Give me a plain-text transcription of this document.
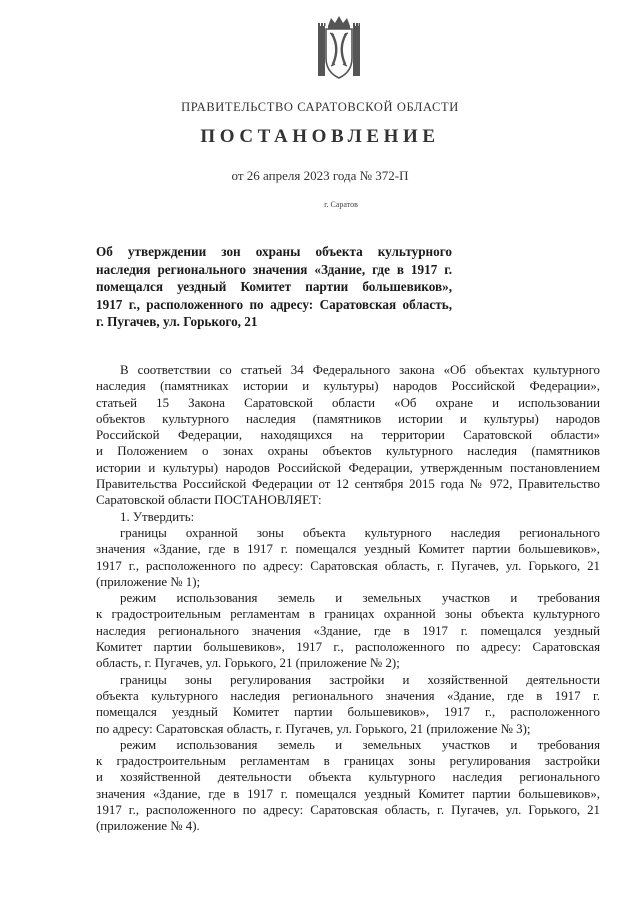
ПРАВИТЕЛЬСТВО САРАТОВСКОЙ ОБЛАСТИ
ПОСТАНОВЛЕНИЕ
от 26 апреля 2023 года № 372-П
г. Саратов
Об утверждении зон охраны объекта культурного
наследия регионального значения «Здание, где в 1917 г.
помещался уездный Комитет партии большевиков»,
1917 г., расположенного по адресу: Саратовская область,
г. Пугачев, ул. Горького, 21
В соответствии со статьей 34 Федерального закона «Об объектах культурного
наследия (памятниках истории и культуры) народов Российской Федерации»,
статьей 15 Закона Саратовской области «Об охране и использовании
объектов культурного наследия (памятников истории и культуры) народов
Российской Федерации, находящихся на территории Саратовской области»
и Положением о зонах охраны объектов культурного наследия (памятников
истории и культуры) народов Российской Федерации, утвержденным постановлением
Правительства Российской Федерации от 12 сентября 2015 года № 972, Правительство
Саратовской области ПОСТАНОВЛЯЕТ:
1. Утвердить:
границы охранной зоны объекта культурного наследия регионального
значения «Здание, где в 1917 г. помещался уездный Комитет партии большевиков»,
1917 г., расположенного по адресу: Саратовская область, г. Пугачев, ул. Горького, 21
(приложение № 1);
режим использования земель и земельных участков и требования
к градостроительным регламентам в границах охранной зоны объекта культурного
наследия регионального значения «Здание, где в 1917 г. помещался уездный
Комитет партии большевиков», 1917 г., расположенного по адресу: Саратовская
область, г. Пугачев, ул. Горького, 21 (приложение № 2);
границы зоны регулирования застройки и хозяйственной деятельности
объекта культурного наследия регионального значения «Здание, где в 1917 г.
помещался уездный Комитет партии большевиков», 1917 г., расположенного
по адресу: Саратовская область, г. Пугачев, ул. Горького, 21 (приложение № 3);
режим использования земель и земельных участков и требования
к градостроительным регламентам в границах зоны регулирования застройки
и хозяйственной деятельности объекта культурного наследия регионального
значения «Здание, где в 1917 г. помещался уездный Комитет партии большевиков»,
1917 г., расположенного по адресу: Саратовская область, г. Пугачев, ул. Горького, 21
(приложение № 4).
